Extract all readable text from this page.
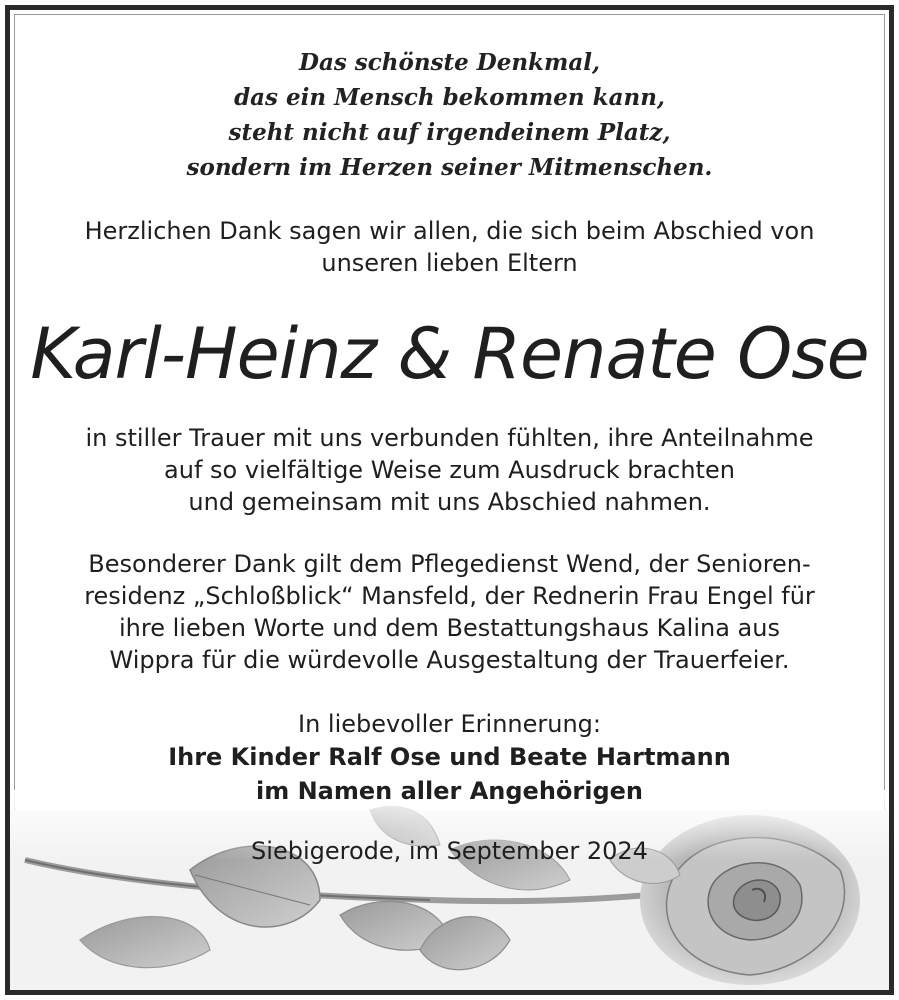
Das schönste Denkmal,
das ein Mensch bekommen kann,
steht nicht auf irgendeinem Platz,
sondern im Herzen seiner Mitmenschen.
Herzlichen Dank sagen wir allen, die sich beim Abschied von
unseren lieben Eltern
Karl-Heinz & Renate Ose
in stiller Trauer mit uns verbunden fühlten, ihre Anteilnahme
auf so vielfältige Weise zum Ausdruck brachten
und gemeinsam mit uns Abschied nahmen.
Besonderer Dank gilt dem Pflegedienst Wend, der Senioren-
residenz „Schloßblick“ Mansfeld, der Rednerin Frau Engel für
ihre lieben Worte und dem Bestattungshaus Kalina aus
Wippra für die würdevolle Ausgestaltung der Trauerfeier.
In liebevoller Erinnerung:
Ihre Kinder Ralf Ose und Beate Hartmann
im Namen aller Angehörigen
Siebigerode, im September 2024
